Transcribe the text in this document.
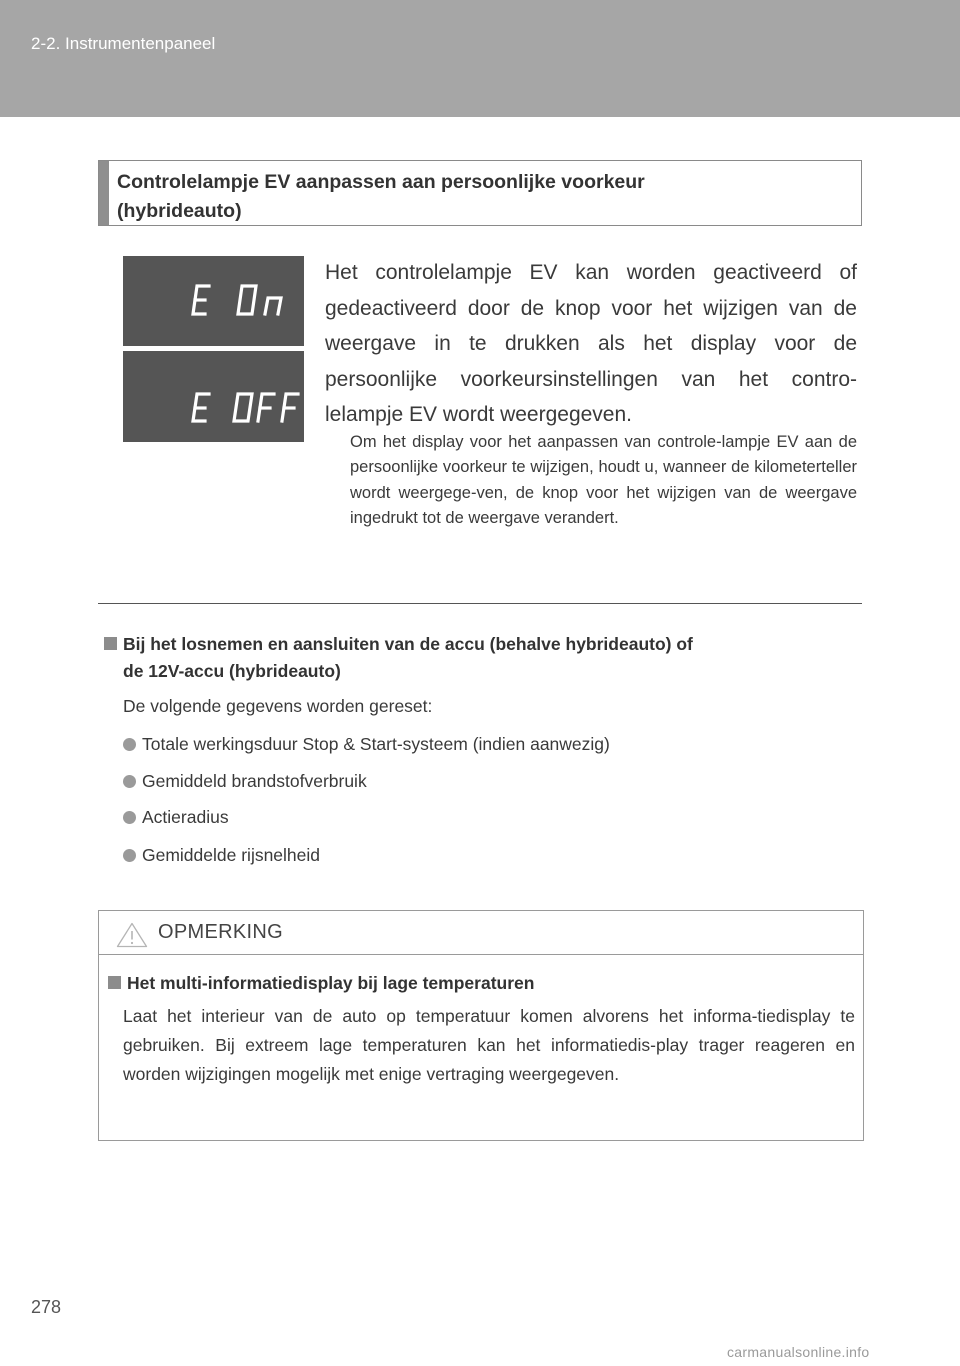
2-2. Instrumentenpaneel
Controlelampje EV aanpassen aan persoonlijke voorkeur
(hybrideauto)
Het controlelampje EV kan worden geactiveerd of gedeactiveerd door de knop voor het wijzigen van de weergave in te drukken als het display voor de persoonlijke voorkeursinstellingen van het contro-lelampje EV wordt weergegeven.
Om het display voor het aanpassen van controle-lampje EV aan de persoonlijke voorkeur te wijzigen, houdt u, wanneer de kilometerteller wordt weergege-ven, de knop voor het wijzigen van de weergave ingedrukt tot de weergave verandert.
Bij het losnemen en aansluiten van de accu (behalve hybrideauto) of
de 12V-accu (hybrideauto)
De volgende gegevens worden gereset:
Totale werkingsduur Stop & Start-systeem (indien aanwezig)
Gemiddeld brandstofverbruik
Actieradius
Gemiddelde rijsnelheid
OPMERKING
Het multi-informatiedisplay bij lage temperaturen
Laat het interieur van de auto op temperatuur komen alvorens het informa-tiedisplay te gebruiken. Bij extreem lage temperaturen kan het informatiedis-play trager reageren en worden wijzigingen mogelijk met enige vertraging weergegeven.
278
carmanualsonline.info
